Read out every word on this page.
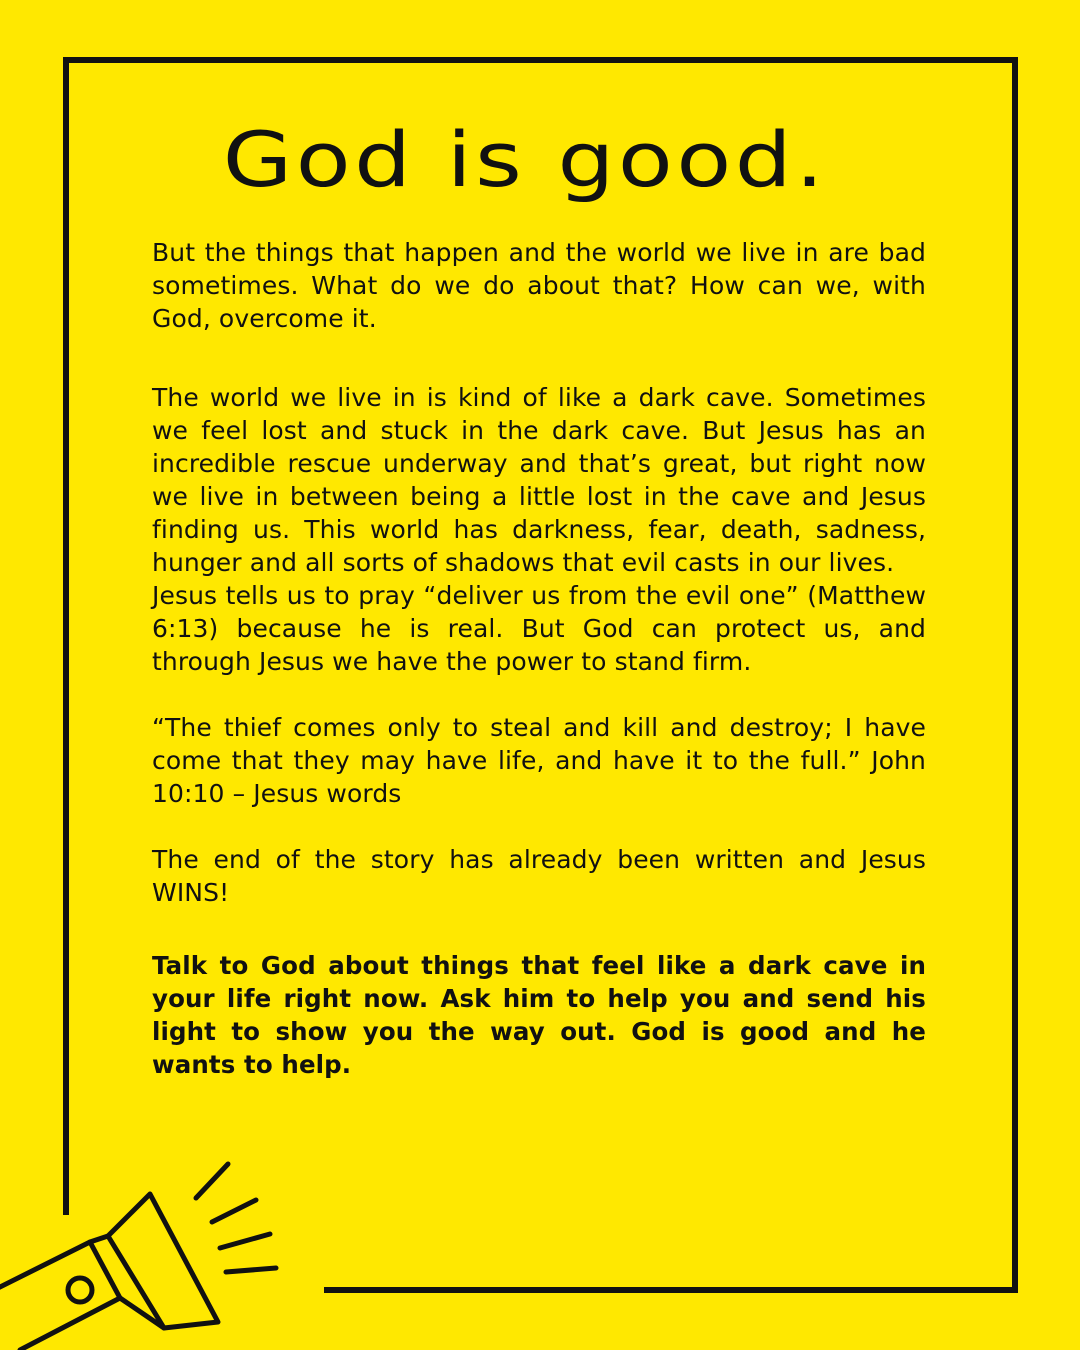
God is good.

But the things that happen and the world we live in are bad sometimes. What do we do about that? How can we, with God, overcome it.

The world we live in is kind of like a dark cave. Sometimes we feel lost and stuck in the dark cave. But Jesus has an incredible rescue underway and that’s great, but right now we live in between being a little lost in the cave and Jesus finding us. This world has darkness, fear, death, sadness, hunger and all sorts of shadows that evil casts in our lives.

Jesus tells us to pray “deliver us from the evil one” (Matthew 6:13) because he is real. But God can protect us, and through Jesus we have the power to stand firm.

“The thief comes only to steal and kill and destroy; I have come that they may have life, and have it to the full.” John 10:10 – Jesus words

The end of the story has already been written and Jesus WINS!

Talk to God about things that feel like a dark cave in your life right now. Ask him to help you and send his light to show you the way out. God is good and he wants to help.
